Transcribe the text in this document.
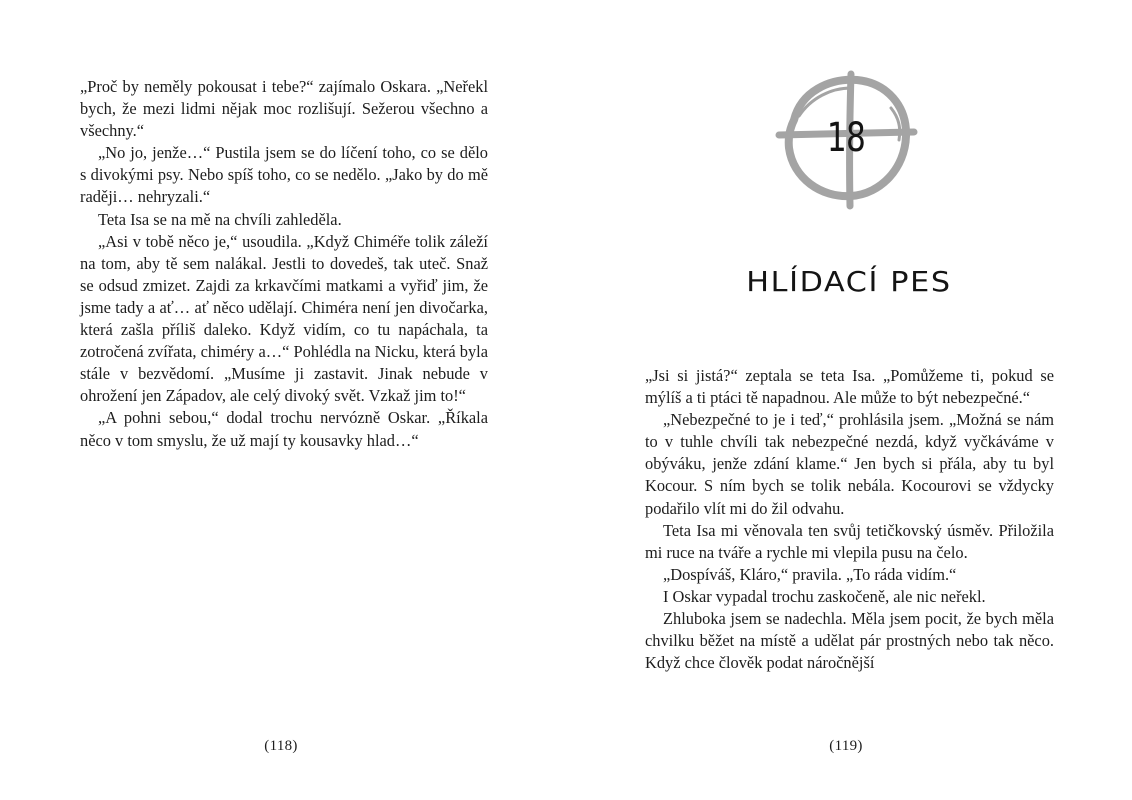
„Proč by neměly pokousat i tebe?“ zajímalo Oskara. „Neřekl bych, že mezi lidmi nějak moc rozlišují. Sežerou všechno a všechny.“

„No jo, jenže…“ Pustila jsem se do líčení toho, co se dělo s divokými psy. Nebo spíš toho, co se nedělo. „Jako by do mě raději… nehryzali.“

Teta Isa se na mě na chvíli zahleděla.

„Asi v tobě něco je,“ usoudila. „Když Chiméře tolik záleží na tom, aby tě sem nalákal. Jestli to dovedeš, tak uteč. Snaž se odsud zmizet. Zajdi za krkavčími matkami a vyřiď jim, že jsme tady a ať… ať něco udělají. Chiméra není jen divočarka, která zašla příliš daleko. Když vidím, co tu napáchala, ta zotročená zvířata, chiméry a…“ Pohlédla na Nicku, která byla stále v bezvědomí. „Musíme ji zastavit. Jinak nebude v ohrožení jen Západov, ale celý divoký svět. Vzkaž jim to!“

„A pohni sebou,“ dodal trochu nervózně Oskar. „Říkala něco v tom smyslu, že už mají ty kousavky hlad…“

(118)
18
HLÍDACÍ PES

„Jsi si jistá?“ zeptala se teta Isa. „Pomůžeme ti, pokud se mýlíš a ti ptáci tě napadnou. Ale může to být nebezpečné.“

„Nebezpečné to je i teď,“ prohlásila jsem. „Možná se nám to v tuhle chvíli tak nebezpečné nezdá, když vyčkáváme v obýváku, jenže zdání klame.“ Jen bych si přála, aby tu byl Kocour. S ním bych se tolik nebála. Kocourovi se vždycky podařilo vlít mi do žil odvahu.

Teta Isa mi věnovala ten svůj tetičkovský úsměv. Přiložila mi ruce na tváře a rychle mi vlepila pusu na čelo.

„Dospíváš, Kláro,“ pravila. „To ráda vidím.“

I Oskar vypadal trochu zaskočeně, ale nic neřekl.

Zhluboka jsem se nadechla. Měla jsem pocit, že bych měla chvilku běžet na místě a udělat pár prostných nebo tak něco. Když chce člověk podat náročnější

(119)
